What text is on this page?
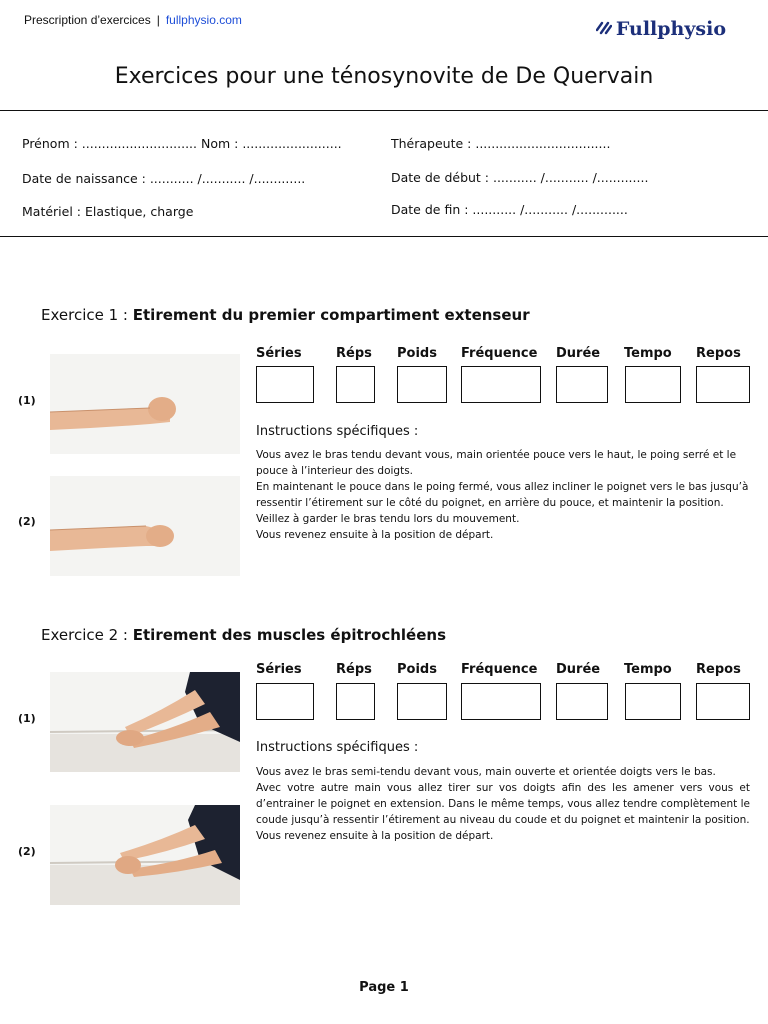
Prescription d’exercices | fullphysio.com	Fullphysio
Exercices pour une ténosynovite de De Quervain
Prénom : ............................. Nom : .........................
Date de naissance : ........... /........... /.............
Matériel : Elastique, charge
Thérapeute : ..................................
Date de début : ........... /........... /.............
Date de fin : ........... /........... /.............
Exercice 1 : Etirement du premier compartiment extenseur
(1)
(2)
Séries	Réps Poids Fréquence Durée Tempo Repos
Instructions spécifiques :

Vous avez le bras tendu devant vous, main orientée pouce vers le haut, le poing serré et le pouce à l’interieur des doigts.

En maintenant le pouce dans le poing fermé, vous allez incliner le poignet vers le bas jusqu’à ressentir l’étirement sur le côté du poignet, en arrière du pouce, et maintenir la position.

Veillez à garder le bras tendu lors du mouvement.

Vous revenez ensuite à la position de départ.

Exercice 2 : Etirement des muscles épitrochléens
(1)
(2)
Séries	Réps Poids Fréquence Durée Tempo Repos
Instructions spécifiques :

Vous avez le bras semi-tendu devant vous, main ouverte et orientée doigts vers le bas.

Avec votre autre main vous allez tirer sur vos doigts afin des les amener vers vous et d’entrainer le poignet en extension. Dans le même temps, vous allez tendre complètement le coude jusqu’à ressentir l’étirement au niveau du coude et du poignet et maintenir la position.

Vous revenez ensuite à la position de départ.

Page 1
